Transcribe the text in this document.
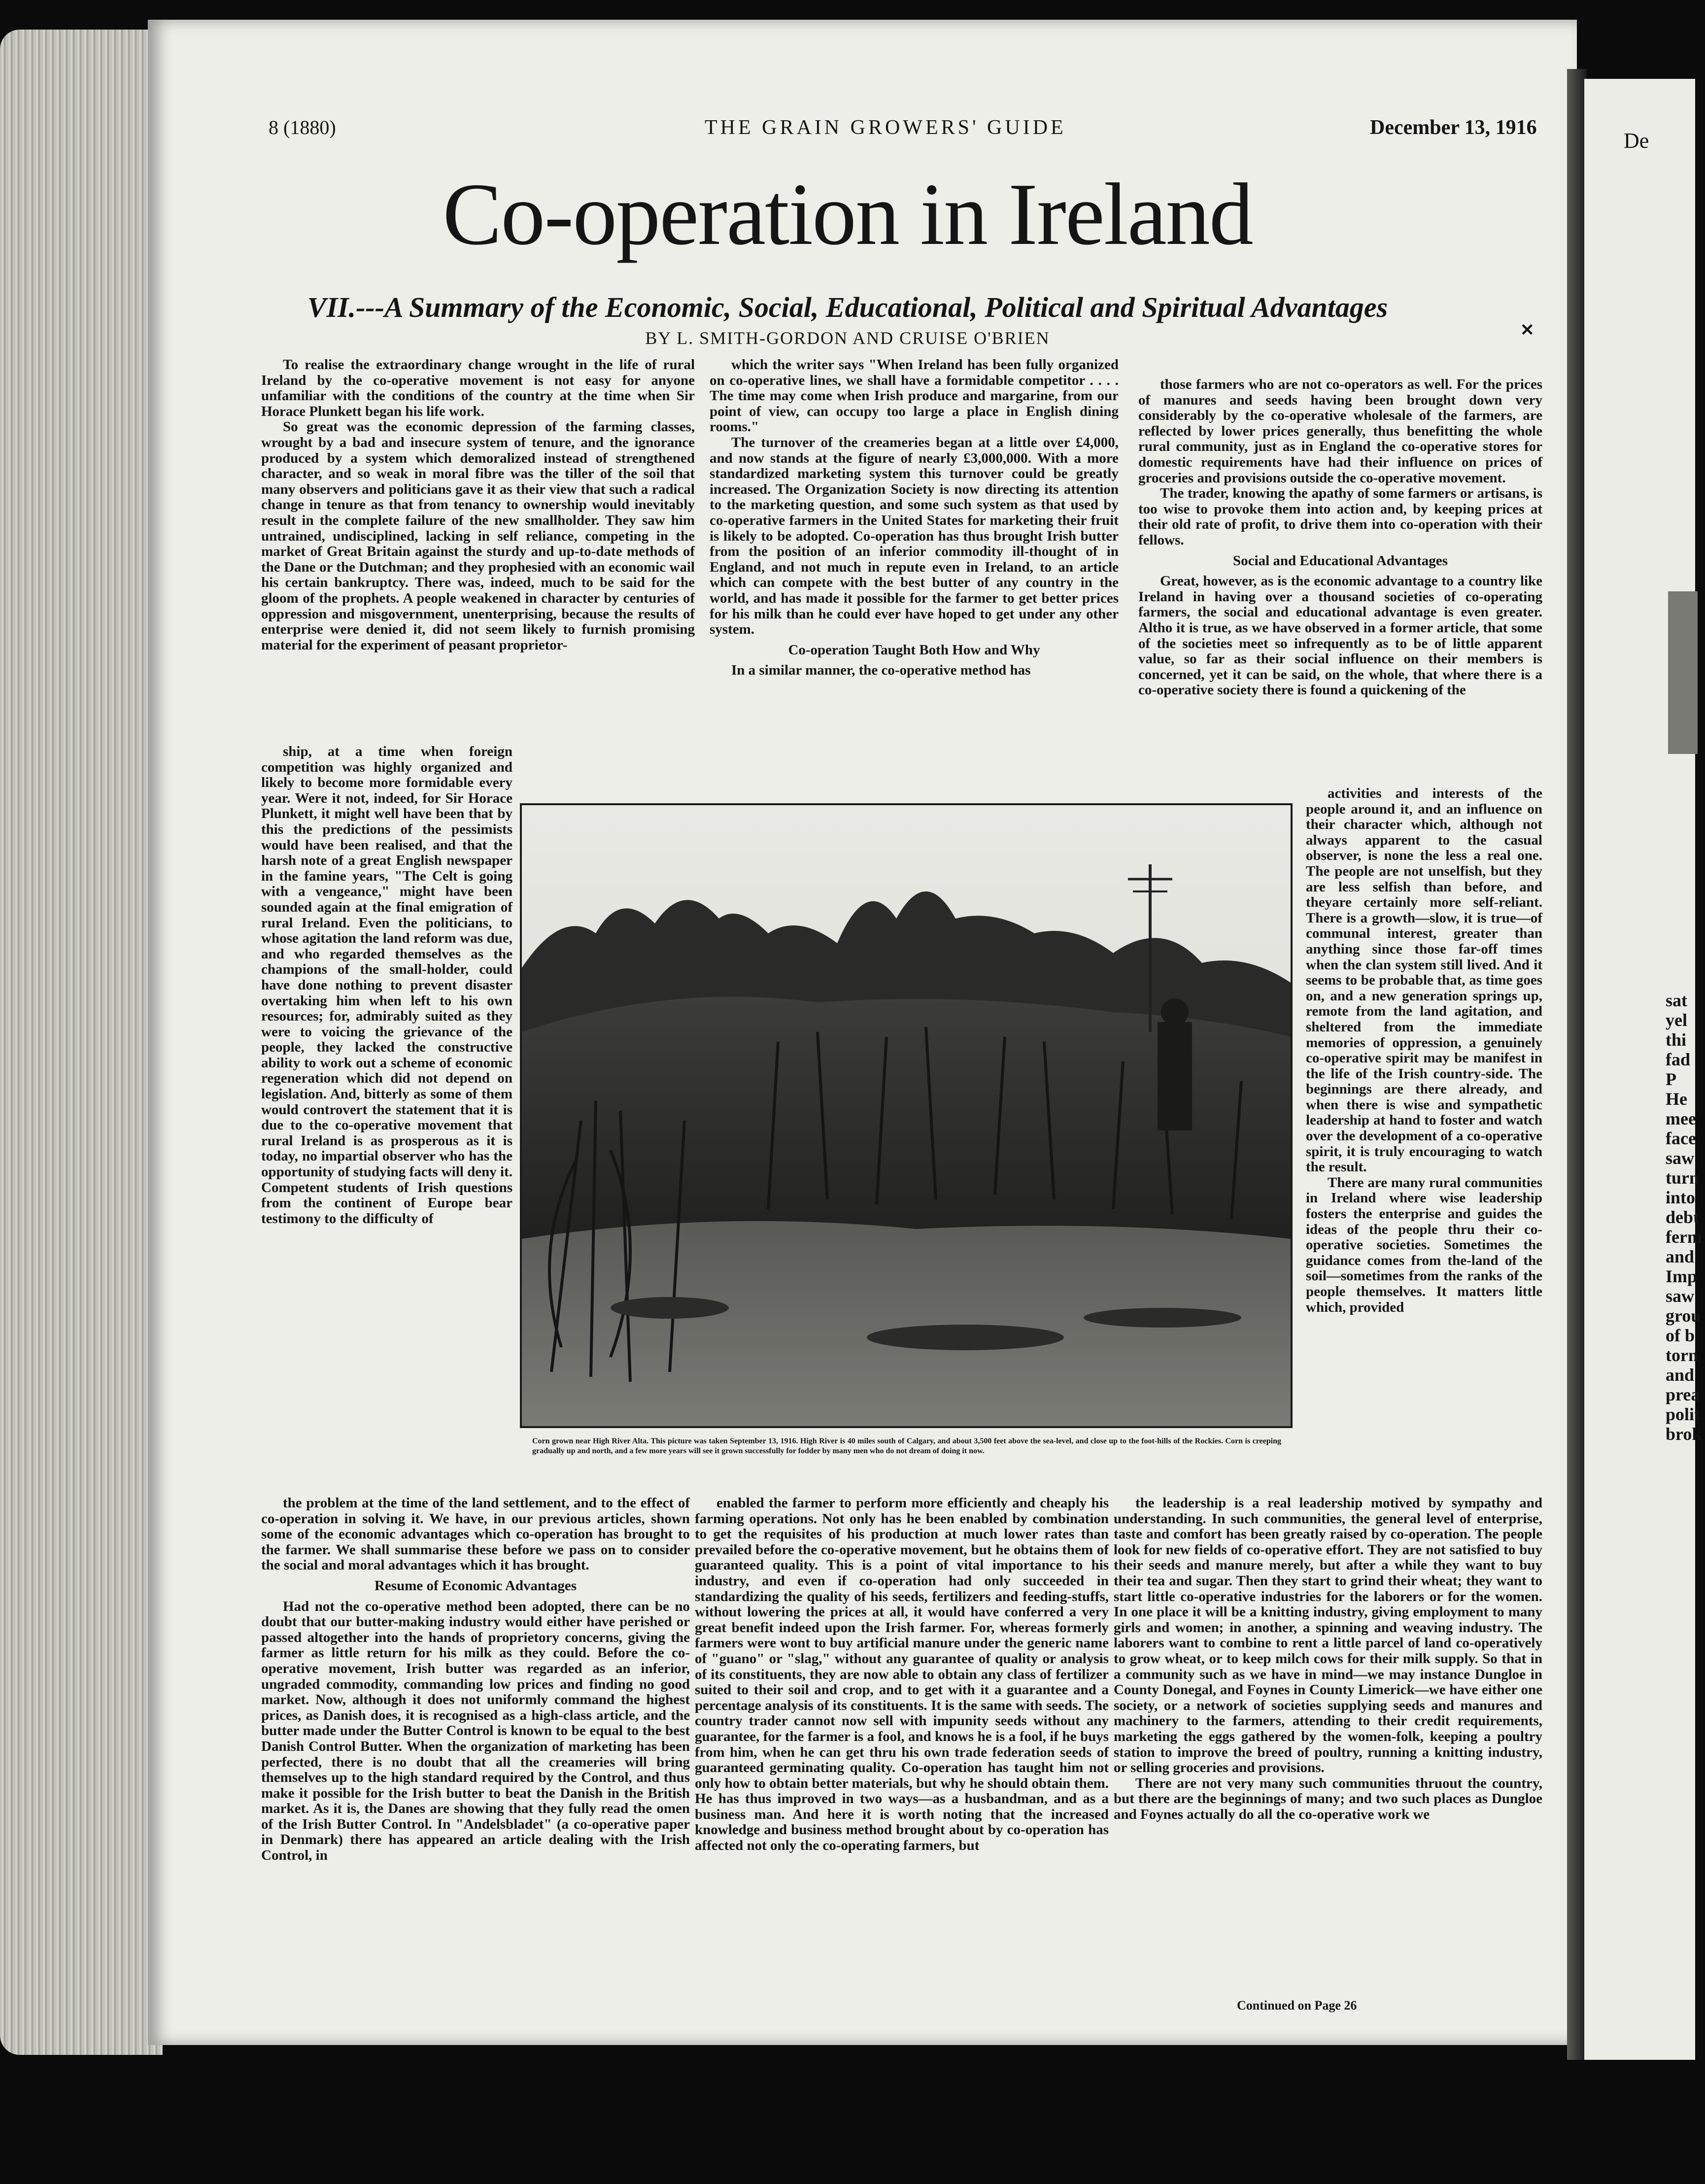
De
sat
yel
thi
fad
P
He
mee
face
saw
turn
into
debt
ferm
and
Imp
saw
grou
of b
torn
and
prea
polit
brok
8 (1880)	THE GRAIN GROWERS' GUIDE	December 13, 1916
Co-operation in Ireland
VII.---A Summary of the Economic, Social, Educational, Political and Spiritual Advantages
BY L. SMITH-GORDON AND CRUISE O'BRIEN	✕

To realise the extraordinary change wrought in the life of rural Ireland by the co-operative movement is not easy for anyone unfamiliar with the conditions of the country at the time when Sir Horace Plunkett began his life work.

So great was the economic depression of the farming classes, wrought by a bad and insecure system of tenure, and the ignorance produced by a system which demoralized instead of strengthened character, and so weak in moral fibre was the tiller of the soil that many observers and politicians gave it as their view that such a radical change in tenure as that from tenancy to ownership would inevitably result in the complete failure of the new smallholder. They saw him untrained, undisciplined, lacking in self reliance, competing in the market of Great Britain against the sturdy and up-to-date methods of the Dane or the Dutchman; and they prophesied with an economic wail his certain bankruptcy. There was, indeed, much to be said for the gloom of the prophets. A people weakened in character by centuries of oppression and misgovernment, unenterprising, because the results of enterprise were denied it, did not seem likely to furnish promising material for the experiment of peasant proprietor-

which the writer says "When Ireland has been fully organized on co-operative lines, we shall have a formidable competitor . . . . The time may come when Irish produce and margarine, from our point of view, can occupy too large a place in English dining rooms."

The turnover of the creameries began at a little over £4,000, and now stands at the figure of nearly £3,000,000. With a more standardized marketing system this turnover could be greatly increased. The Organization Society is now directing its attention to the marketing question, and some such system as that used by co-operative farmers in the United States for marketing their fruit is likely to be adopted. Co-operation has thus brought Irish butter from the position of an inferior commodity ill-thought of in England, and not much in repute even in Ireland, to an article which can compete with the best butter of any country in the world, and has made it possible for the farmer to get better prices for his milk than he could ever have hoped to get under any other system.

Co-operation Taught Both How and Why

In a similar manner, the co-operative method has

those farmers who are not co-operators as well. For the prices of manures and seeds having been brought down very considerably by the co-operative wholesale of the farmers, are reflected by lower prices generally, thus benefitting the whole rural community, just as in England the co-operative stores for domestic requirements have had their influence on prices of groceries and provisions outside the co-operative movement.

The trader, knowing the apathy of some farmers or artisans, is too wise to provoke them into action and, by keeping prices at their old rate of profit, to drive them into co-operation with their fellows.

Social and Educational Advantages

Great, however, as is the economic advantage to a country like Ireland in having over a thousand societies of co-operating farmers, the social and educational advantage is even greater. Altho it is true, as we have observed in a former article, that some of the societies meet so infrequently as to be of little apparent value, so far as their social influence on their members is concerned, yet it can be said, on the whole, that where there is a co-operative society there is found a quickening of the

ship, at a time when foreign competition was highly organized and likely to become more formidable every year. Were it not, indeed, for Sir Horace Plunkett, it might well have been that by this the predictions of the pessimists would have been realised, and that the harsh note of a great English newspaper in the famine years, "The Celt is going with a vengeance," might have been sounded again at the final emigration of rural Ireland. Even the politicians, to whose agitation the land reform was due, and who regarded themselves as the champions of the small-holder, could have done nothing to prevent disaster overtaking him when left to his own resources; for, admirably suited as they were to voicing the grievance of the people, they lacked the constructive ability to work out a scheme of economic regeneration which did not depend on legislation. And, bitterly as some of them would controvert the statement that it is due to the co-operative movement that rural Ireland is as prosperous as it is today, no impartial observer who has the opportunity of studying facts will deny it. Competent students of Irish questions from the continent of Europe bear testimony to the difficulty of

activities and interests of the people around it, and an influence on their character which, although not always apparent to the casual observer, is none the less a real one. The people are not unselfish, but they are less selfish than before, and theyare certainly more self-reliant. There is a growth—slow, it is true—of communal interest, greater than anything since those far-off times when the clan system still lived. And it seems to be probable that, as time goes on, and a new generation springs up, remote from the land agitation, and sheltered from the immediate memories of oppression, a genuinely co-operative spirit may be manifest in the life of the Irish country-side. The beginnings are there already, and when there is wise and sympathetic leadership at hand to foster and watch over the development of a co-operative spirit, it is truly encouraging to watch the result.

There are many rural communities in Ireland where wise leadership fosters the enterprise and guides the ideas of the people thru their co-operative societies. Sometimes the guidance comes from the-land of the soil—sometimes from the ranks of the people themselves. It matters little which, provided

Corn grown near High River Alta. This picture was taken September 13, 1916. High River is 40 miles south of Calgary, and about 3,500 feet above the sea-level, and close up to the foot-hills of the Rockies. Corn is creeping gradually up and north, and a few more years will see it grown successfully for fodder by many men who do not dream of doing it now.

the problem at the time of the land settlement, and to the effect of co-operation in solving it. We have, in our previous articles, shown some of the economic advantages which co-operation has brought to the farmer. We shall summarise these before we pass on to consider the social and moral advantages which it has brought.

Resume of Economic Advantages

Had not the co-operative method been adopted, there can be no doubt that our butter-making industry would either have perished or passed altogether into the hands of proprietory concerns, giving the farmer as little return for his milk as they could. Before the co-operative movement, Irish butter was regarded as an inferior, ungraded commodity, commanding low prices and finding no good market. Now, although it does not uniformly command the highest prices, as Danish does, it is recognised as a high-class article, and the butter made under the Butter Control is known to be equal to the best Danish Control Butter. When the organization of marketing has been perfected, there is no doubt that all the creameries will bring themselves up to the high standard required by the Control, and thus make it possible for the Irish butter to beat the Danish in the British market. As it is, the Danes are showing that they fully read the omen of the Irish Butter Control. In "Andelsbladet" (a co-operative paper in Denmark) there has appeared an article dealing with the Irish Control, in

enabled the farmer to perform more efficiently and cheaply his farming operations. Not only has he been enabled by combination to get the requisites of his production at much lower rates than prevailed before the co-operative movement, but he obtains them of guaranteed quality. This is a point of vital importance to his industry, and even if co-operation had only succeeded in standardizing the quality of his seeds, fertilizers and feeding-stuffs, without lowering the prices at all, it would have conferred a very great benefit indeed upon the Irish farmer. For, whereas formerly farmers were wont to buy artificial manure under the generic name of "guano" or "slag," without any guarantee of quality or analysis of its constituents, they are now able to obtain any class of fertilizer suited to their soil and crop, and to get with it a guarantee and a percentage analysis of its constituents. It is the same with seeds. The country trader cannot now sell with impunity seeds without any guarantee, for the farmer is a fool, and knows he is a fool, if he buys from him, when he can get thru his own trade federation seeds of guaranteed germinating quality. Co-operation has taught him not only how to obtain better materials, but why he should obtain them. He has thus improved in two ways—as a husbandman, and as a business man. And here it is worth noting that the increased knowledge and business method brought about by co-operation has affected not only the co-operating farmers, but

the leadership is a real leadership motived by sympathy and understanding. In such communities, the general level of enterprise, taste and comfort has been greatly raised by co-operation. The people look for new fields of co-operative effort. They are not satisfied to buy their seeds and manure merely, but after a while they want to buy their tea and sugar. Then they start to grind their wheat; they want to start little co-operative industries for the laborers or for the women. In one place it will be a knitting industry, giving employment to many girls and women; in another, a spinning and weaving industry. The laborers want to combine to rent a little parcel of land co-operatively to grow wheat, or to keep milch cows for their milk supply. So that in a community such as we have in mind—we may instance Dungloe in County Donegal, and Foynes in County Limerick—we have either one society, or a network of societies supplying seeds and manures and machinery to the farmers, attending to their credit requirements, marketing the eggs gathered by the women-folk, keeping a poultry station to improve the breed of poultry, running a knitting industry, or selling groceries and provisions.

There are not very many such communities thruout the country, but there are the beginnings of many; and two such places as Dungloe and Foynes actually do all the co-operative work we

Continued on Page 26
